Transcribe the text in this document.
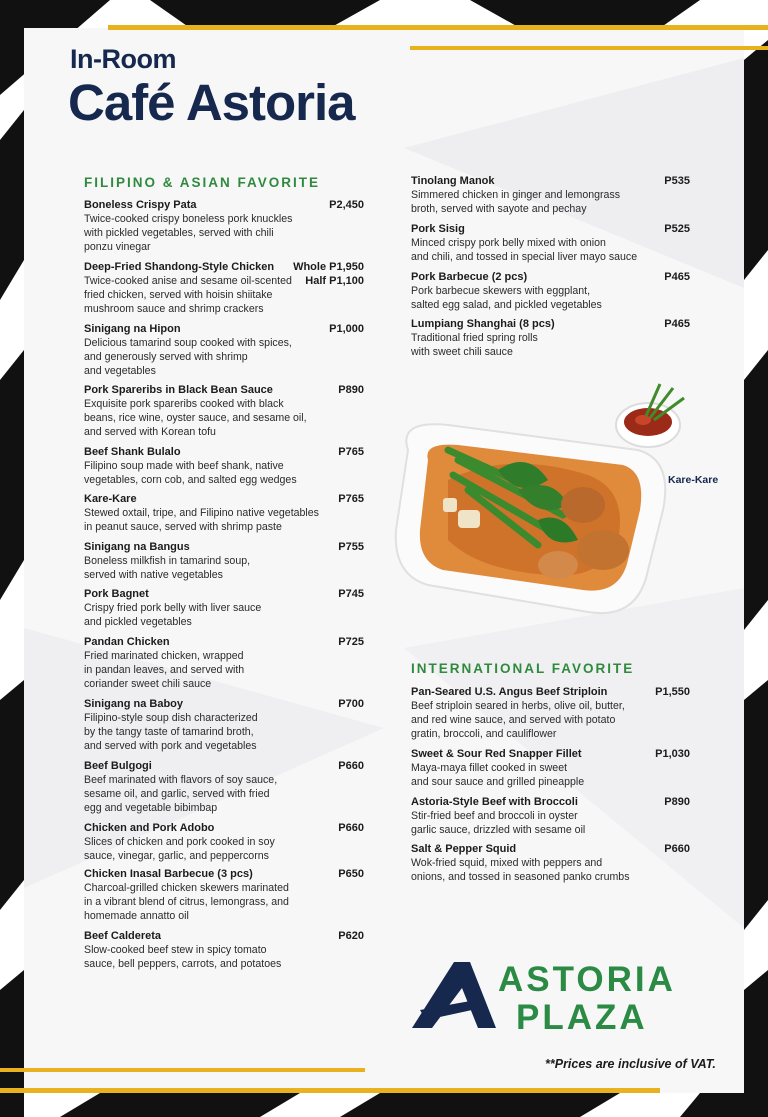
In-Room
Café Astoria
FILIPINO & ASIAN FAVORITE
INTERNATIONAL FAVORITE
Boneless Crispy Pata
Twice-cooked crispy boneless pork knuckles
with pickled vegetables, served with chili
ponzu vinegar
P2,450
Deep-Fried Shandong-Style Chicken
Twice-cooked anise and sesame oil-scented
fried chicken, served with hoisin shiitake
mushroom sauce and shrimp crackers
Whole P1,950
Half P1,100
Sinigang na Hipon
Delicious tamarind soup cooked with spices,
and generously served with shrimp
and vegetables
P1,000
Pork Spareribs in Black Bean Sauce
Exquisite pork spareribs cooked with black
beans, rice wine, oyster sauce, and sesame oil,
and served with Korean tofu
P890
Beef Shank Bulalo
Filipino soup made with beef shank, native
vegetables, corn cob, and salted egg wedges
P765
Kare-Kare
Stewed oxtail, tripe, and Filipino native vegetables
in peanut sauce, served with shrimp paste
P765
Sinigang na Bangus
Boneless milkfish in tamarind soup,
served with native vegetables
P755
Pork Bagnet
Crispy fried pork belly with liver sauce
and pickled vegetables
P745
Pandan Chicken
Fried marinated chicken, wrapped
in pandan leaves, and served with
coriander sweet chili sauce
P725
Sinigang na Baboy
Filipino-style soup dish characterized
by the tangy taste of tamarind broth,
and served with pork and vegetables
P700
Beef Bulgogi
Beef marinated with flavors of soy sauce,
sesame oil, and garlic, served with fried
egg and vegetable bibimbap
P660
Chicken and Pork Adobo
Slices of chicken and pork cooked in soy
sauce, vinegar, garlic, and peppercorns
P660
Chicken Inasal Barbecue (3 pcs)
Charcoal-grilled chicken skewers marinated
in a vibrant blend of citrus, lemongrass, and
homemade annatto oil
P650
Beef Caldereta
Slow-cooked beef stew in spicy tomato
sauce, bell peppers, carrots, and potatoes
P620
Tinolang Manok
Simmered chicken in ginger and lemongrass
broth, served with sayote and pechay
P535
Pork Sisig
Minced crispy pork belly mixed with onion
and chili, and tossed in special liver mayo sauce
P525
Pork Barbecue (2 pcs)
Pork barbecue skewers with eggplant,
salted egg salad, and pickled vegetables
P465
Lumpiang Shanghai (8 pcs)
Traditional fried spring rolls
with sweet chili sauce
P465
Pan-Seared U.S. Angus Beef Striploin
Beef striploin seared in herbs, olive oil, butter,
and red wine sauce, and served with potato
gratin, broccoli, and cauliflower
P1,550
Sweet & Sour Red Snapper Fillet
Maya-maya fillet cooked in sweet
and sour sauce and grilled pineapple
P1,030
Astoria-Style Beef with Broccoli
Stir-fried beef and broccoli in oyster
garlic sauce, drizzled with sesame oil
P890
Salt & Pepper Squid
Wok-fried squid, mixed with peppers and
onions, and tossed in seasoned panko crumbs
P660
Kare-Kare
ASTORIA
PLAZA
**Prices are inclusive of VAT.
